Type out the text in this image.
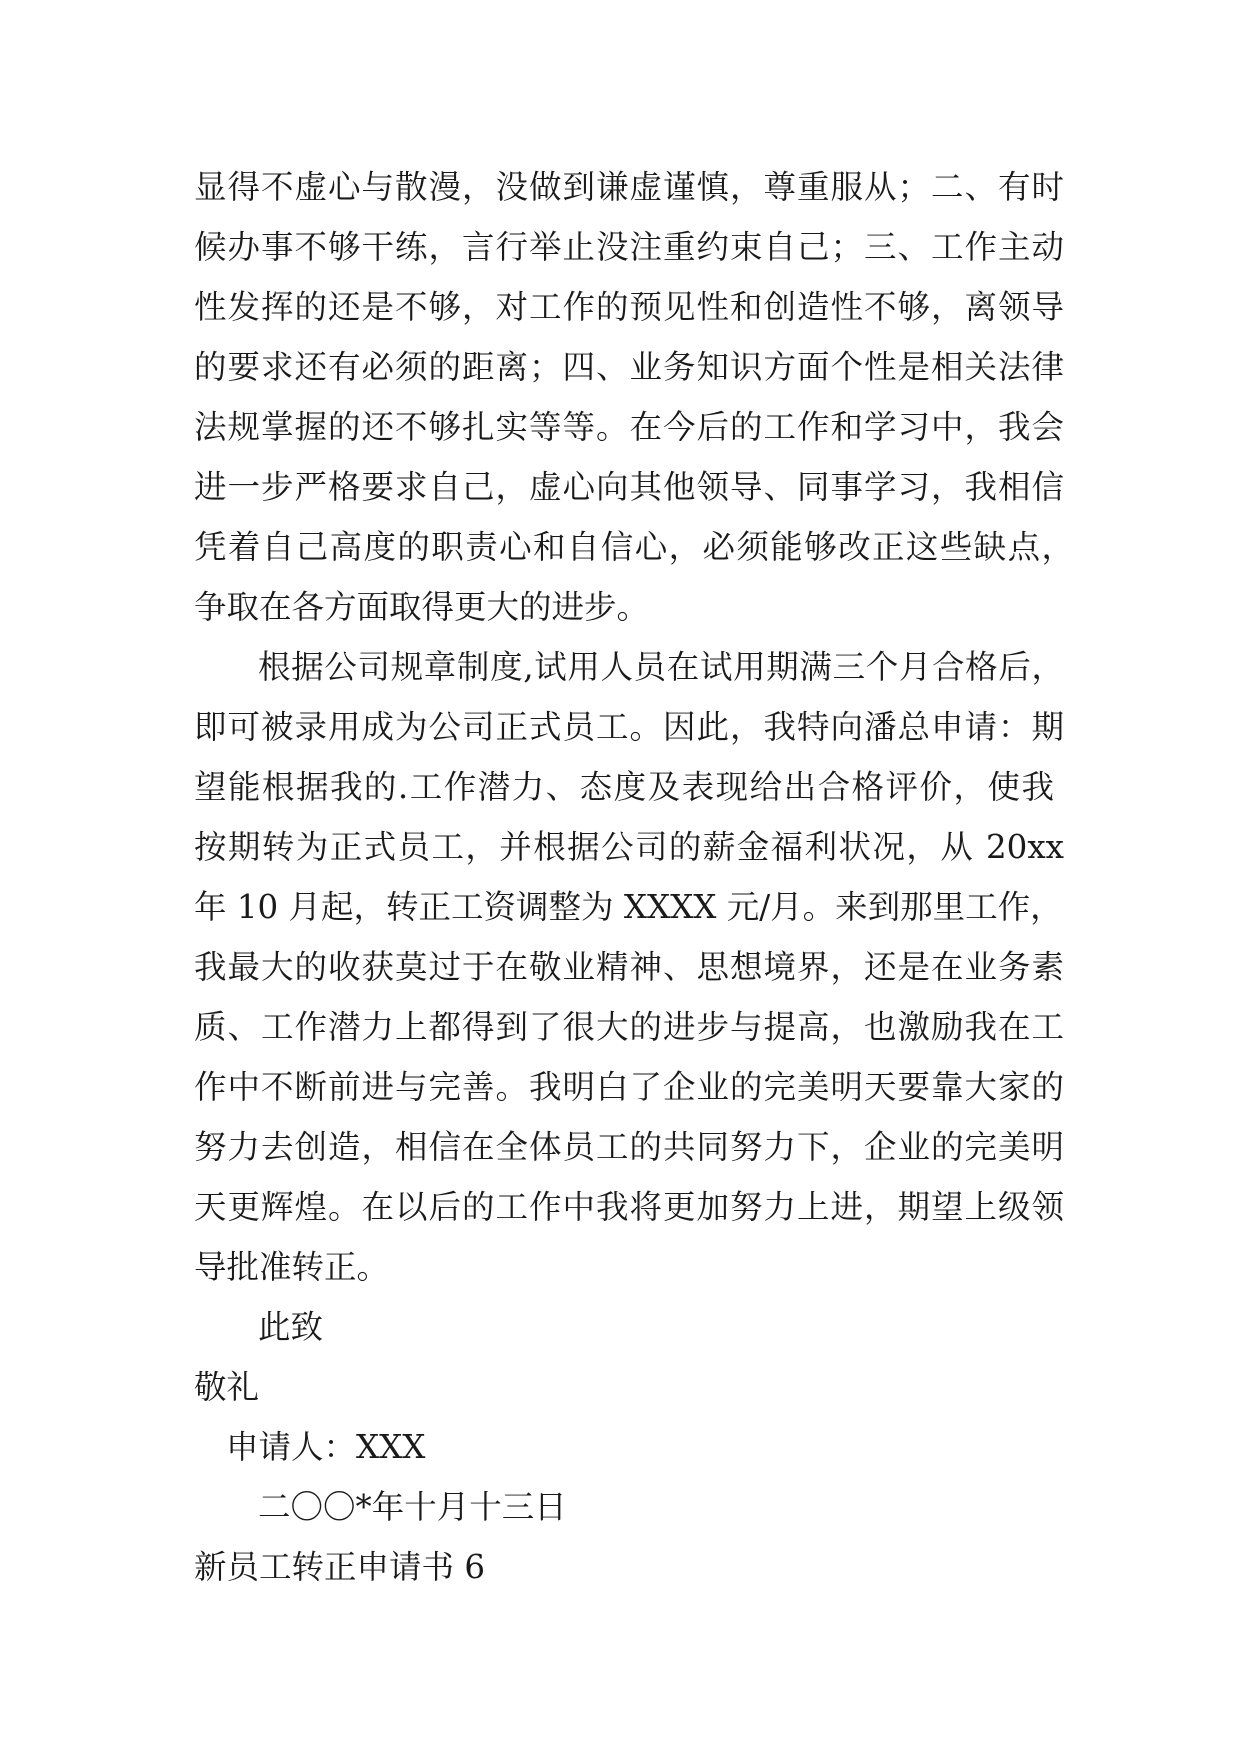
显得不虚心与散漫，没做到谦虚谨慎，尊重服从；二、有时

候办事不够干练，言行举止没注重约束自己；三、工作主动

性发挥的还是不够，对工作的预见性和创造性不够，离领导

的要求还有必须的距离；四、业务知识方面个性是相关法律

法规掌握的还不够扎实等等。在今后的工作和学习中，我会

进一步严格要求自己，虚心向其他领导、同事学习，我相信

凭着自己高度的职责心和自信心，必须能够改正这些缺点，

争取在各方面取得更大的进步。

根据公司规章制度,试用人员在试用期满三个月合格后，

即可被录用成为公司正式员工。因此，我特向潘总申请：期

望能根据我的.工作潜力、态度及表现给出合格评价，使我

按期转为正式员工，并根据公司的薪金福利状况，从 20xx

年 10 月起，转正工资调整为 XXXX 元/月。来到那里工作，

我最大的收获莫过于在敬业精神、思想境界，还是在业务素

质、工作潜力上都得到了很大的进步与提高，也激励我在工

作中不断前进与完善。我明白了企业的完美明天要靠大家的

努力去创造，相信在全体员工的共同努力下，企业的完美明

天更辉煌。在以后的工作中我将更加努力上进，期望上级领

导批准转正。

此致

敬礼

申请人：XXX

二〇〇*年十月十三日

新员工转正申请书 6
